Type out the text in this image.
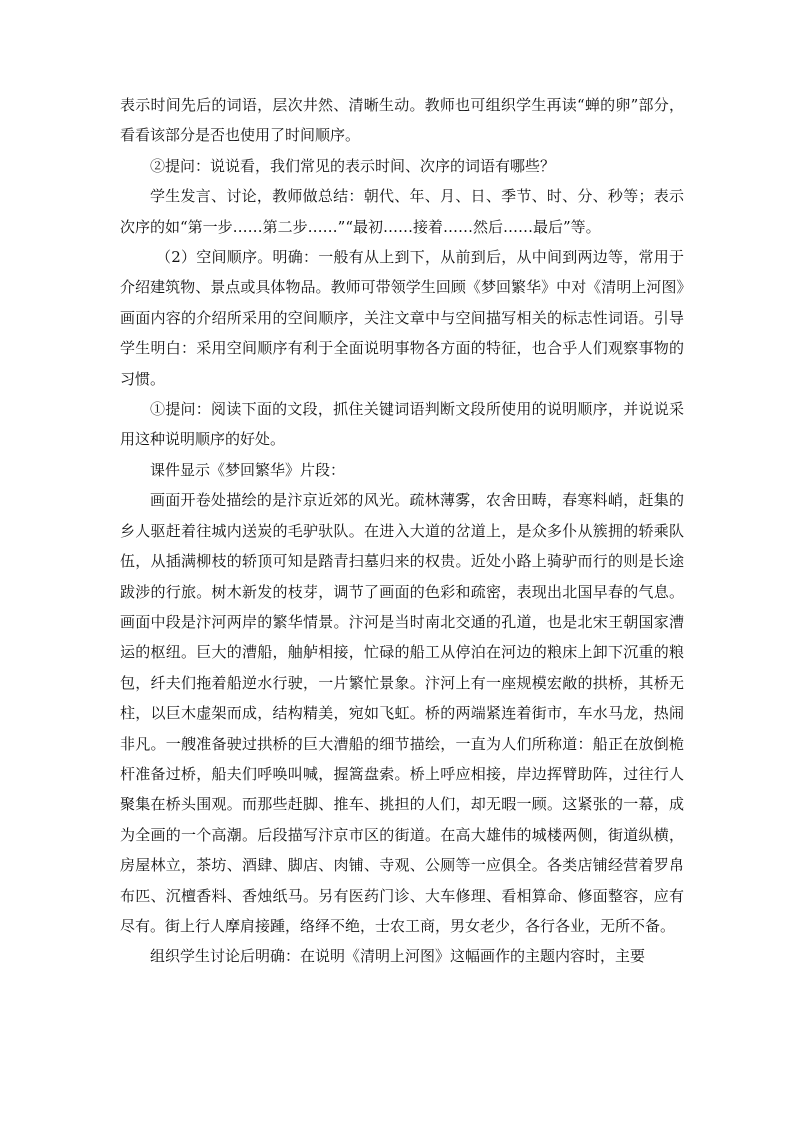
表示时间先后的词语，层次井然、清晰生动。教师也可组织学生再读“蝉的卵”部分，看看该部分是否也使用了时间顺序。

②提问：说说看，我们常见的表示时间、次序的词语有哪些？

学生发言、讨论，教师做总结：朝代、年、月、日、季节、时、分、秒等；表示次序的如“第一步……第二步……”“最初……接着……然后……最后”等。

（2）空间顺序。明确：一般有从上到下，从前到后，从中间到两边等，常用于介绍建筑物、景点或具体物品。教师可带领学生回顾《梦回繁华》中对《清明上河图》画面内容的介绍所采用的空间顺序，关注文章中与空间描写相关的标志性词语。引导学生明白：采用空间顺序有利于全面说明事物各方面的特征，也合乎人们观察事物的习惯。

①提问：阅读下面的文段，抓住关键词语判断文段所使用的说明顺序，并说说采用这种说明顺序的好处。

课件显示《梦回繁华》片段：

画面开卷处描绘的是汴京近郊的风光。疏林薄雾，农舍田畴，春寒料峭，赶集的乡人驱赶着往城内送炭的毛驴驮队。在进入大道的岔道上，是众多仆从簇拥的轿乘队伍，从插满柳枝的轿顶可知是踏青扫墓归来的权贵。近处小路上骑驴而行的则是长途跋涉的行旅。树木新发的枝芽，调节了画面的色彩和疏密，表现出北国早春的气息。画面中段是汴河两岸的繁华情景。汴河是当时南北交通的孔道，也是北宋王朝国家漕运的枢纽。巨大的漕船，舳舻相接，忙碌的船工从停泊在河边的粮床上卸下沉重的粮包，纤夫们拖着船逆水行驶，一片繁忙景象。汴河上有一座规模宏敞的拱桥，其桥无柱，以巨木虚架而成，结构精美，宛如飞虹。桥的两端紧连着街市，车水马龙，热闹非凡。一艘准备驶过拱桥的巨大漕船的细节描绘，一直为人们所称道：船正在放倒桅杆准备过桥，船夫们呼唤叫喊，握篙盘索。桥上呼应相接，岸边挥臂助阵，过往行人聚集在桥头围观。而那些赶脚、推车、挑担的人们，却无暇一顾。这紧张的一幕，成为全画的一个高潮。后段描写汴京市区的街道。在高大雄伟的城楼两侧，街道纵横，房屋林立，茶坊、酒肆、脚店、肉铺、寺观、公厕等一应俱全。各类店铺经营着罗帛布匹、沉檀香料、香烛纸马。另有医药门诊、大车修理、看相算命、修面整容，应有尽有。街上行人摩肩接踵，络绎不绝，士农工商，男女老少，各行各业，无所不备。

组织学生讨论后明确：在说明《清明上河图》这幅画作的主题内容时，主要
